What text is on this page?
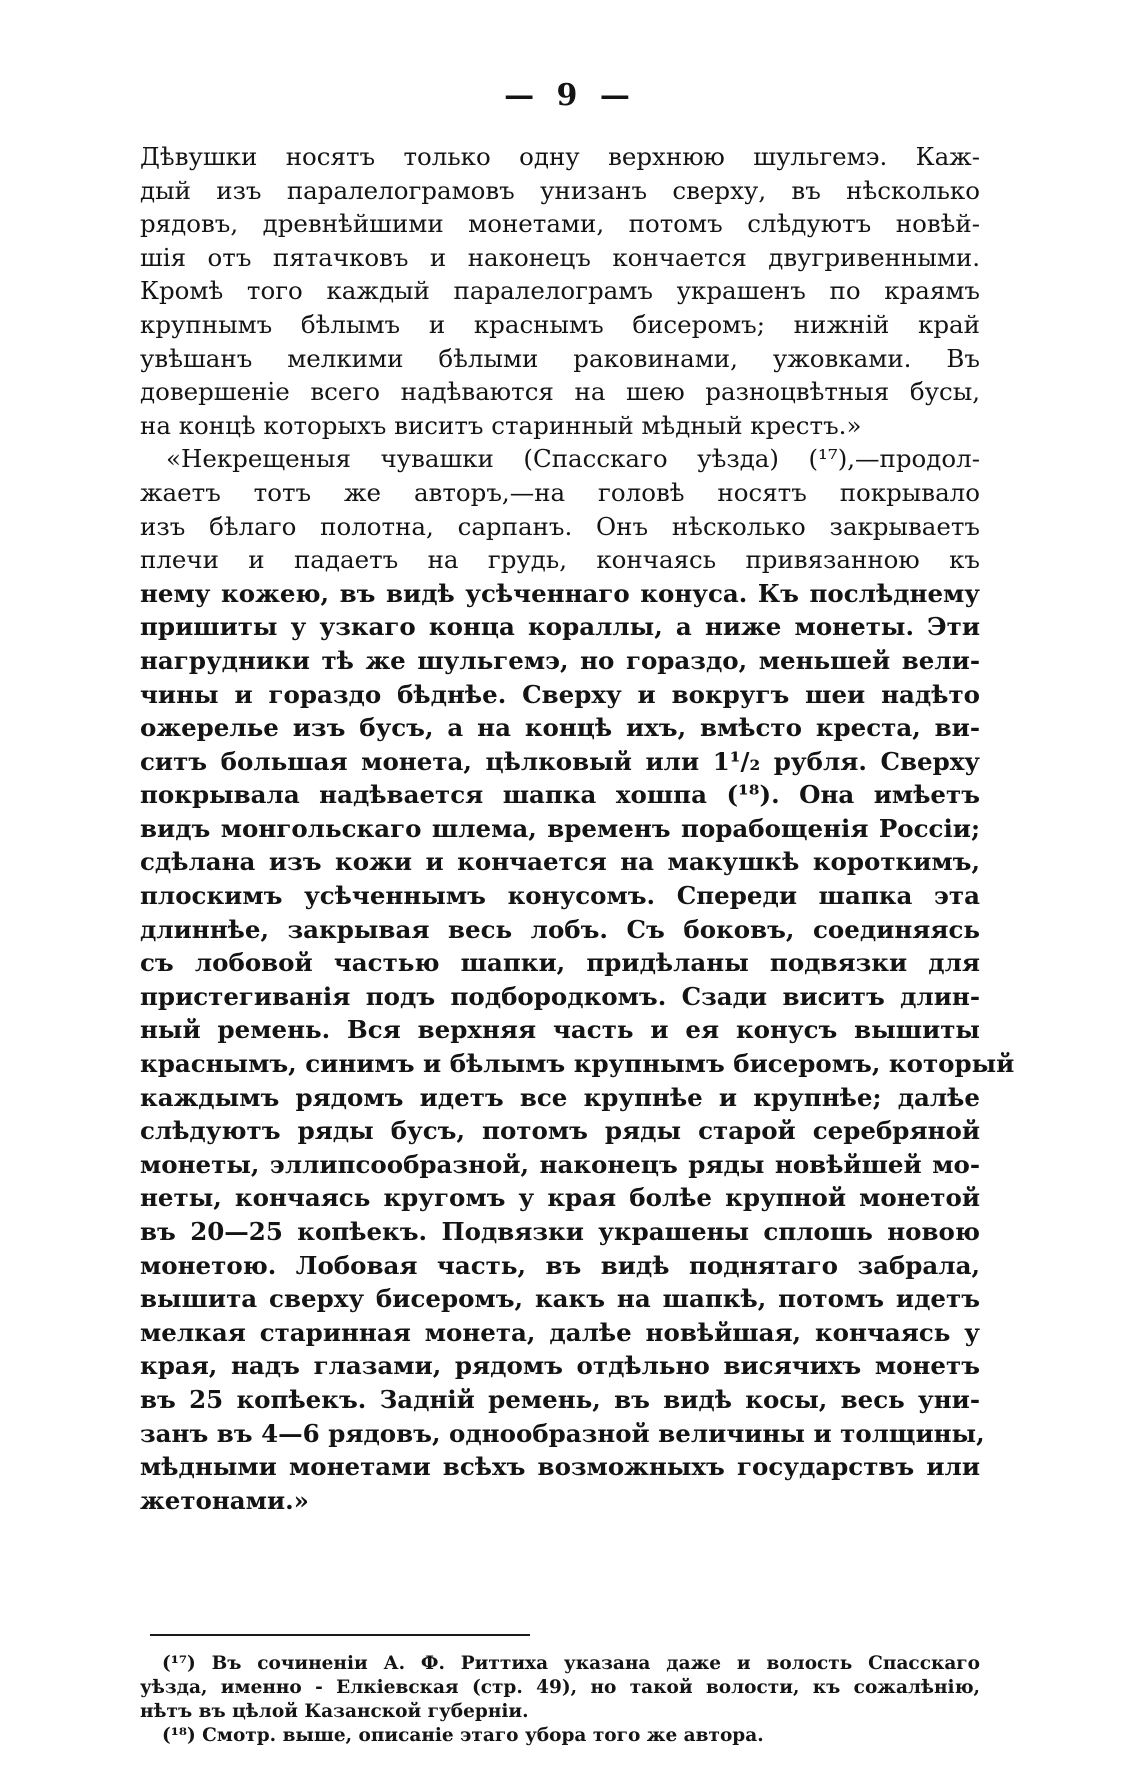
— 9 —
Дѣвушки носятъ только одну верхнюю шульгемэ. Каж-
дый изъ паралелограмовъ унизанъ сверху, въ нѣсколько
рядовъ, древнѣйшими монетами, потомъ слѣдуютъ новѣй-
шія отъ пятачковъ и наконецъ кончается двугривенными.
Кромѣ того каждый паралелограмъ украшенъ по краямъ
крупнымъ бѣлымъ и краснымъ бисеромъ; нижній край
увѣшанъ мелкими бѣлыми раковинами, ужовками. Въ
довершеніе всего надѣваются на шею разноцвѣтныя бусы,
на концѣ которыхъ виситъ старинный мѣдный крестъ.»
«Некрещеныя чувашки (Спасскаго уѣзда) (¹⁷),—продол-
жаетъ тотъ же авторъ,—на головѣ носятъ покрывало
изъ бѣлаго полотна, сарпанъ. Онъ нѣсколько закрываетъ
плечи и падаетъ на грудь, кончаясь привязанною къ
нему кожею, въ видѣ усѣченнаго конуса. Къ послѣднему
пришиты у узкаго конца кораллы, а ниже монеты. Эти
нагрудники тѣ же шульгемэ, но гораздо, меньшей вели-
чины и гораздо бѣднѣе. Сверху и вокругъ шеи надѣто
ожерелье изъ бусъ, а на концѣ ихъ, вмѣсто креста, ви-
ситъ большая монета, цѣлковый или 1¹/₂ рубля. Сверху
покрывала надѣвается шапка хошпа (¹⁸). Она имѣетъ
видъ монгольскаго шлема, временъ порабощенія Россіи;
сдѣлана изъ кожи и кончается на макушкѣ короткимъ,
плоскимъ усѣченнымъ конусомъ. Спереди шапка эта
длиннѣе, закрывая весь лобъ. Съ боковъ, соединяясь
съ лобовой частью шапки, придѣланы подвязки для
пристегиванія подъ подбородкомъ. Сзади виситъ длин-
ный ремень. Вся верхняя часть и ея конусъ вышиты
краснымъ, синимъ и бѣлымъ крупнымъ бисеромъ, который
каждымъ рядомъ идетъ все крупнѣе и крупнѣе; далѣе
слѣдуютъ ряды бусъ, потомъ ряды старой серебряной
монеты, эллипсообразной, наконецъ ряды новѣйшей мо-
неты, кончаясь кругомъ у края болѣе крупной монетой
въ 20—25 копѣекъ. Подвязки украшены сплошь новою
монетою. Лобовая часть, въ видѣ поднятаго забрала,
вышита сверху бисеромъ, какъ на шапкѣ, потомъ идетъ
мелкая старинная монета, далѣе новѣйшая, кончаясь у
края, надъ глазами, рядомъ отдѣльно висячихъ монетъ
въ 25 копѣекъ. Задній ремень, въ видѣ косы, весь уни-
занъ въ 4—6 рядовъ, однообразной величины и толщины,
мѣдными монетами всѣхъ возможныхъ государствъ или
жетонами.»
(¹⁷) Въ сочиненіи А. Ф. Риттиха указана даже и волость Спасскаго
уѣзда, именно - Елкіевская (стр. 49), но такой волости, къ сожалѣнію,
нѣтъ въ цѣлой Казанской губерніи.
(¹⁸) Смотр. выше, описаніе этаго убора того же автора.
